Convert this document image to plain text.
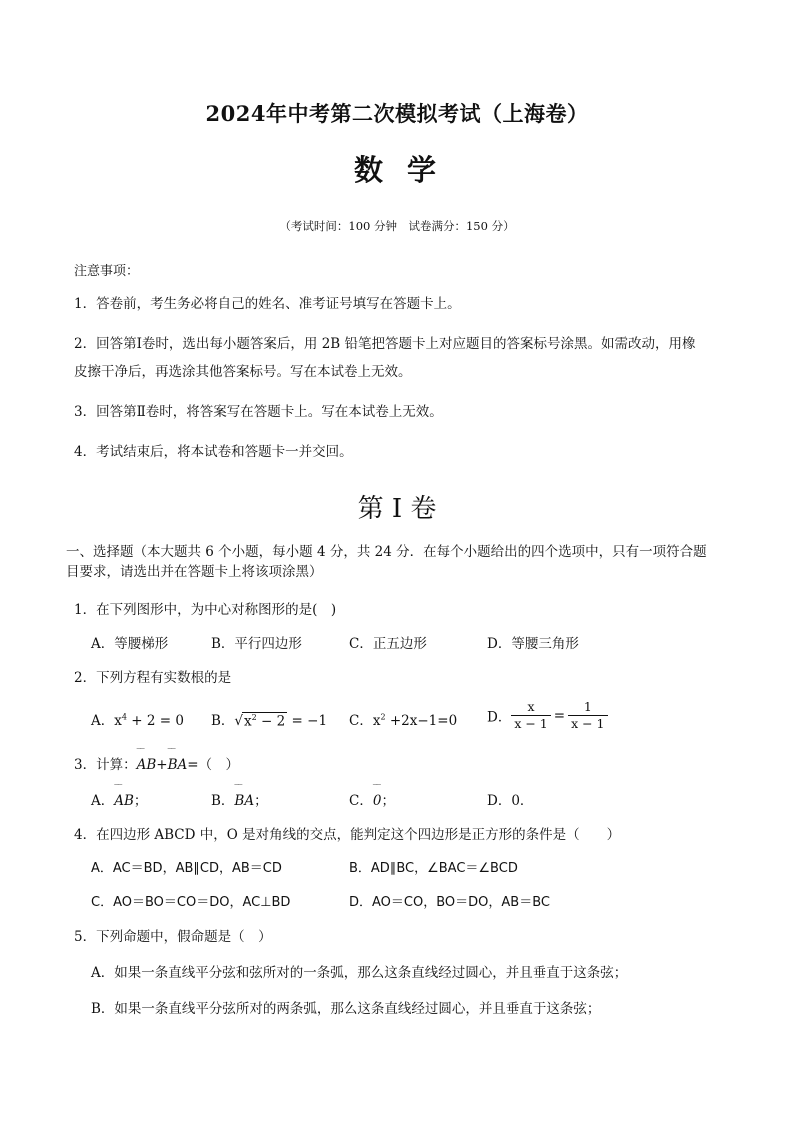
2024年中考第二次模拟考试（上海卷）
数学
（考试时间：100 分钟　试卷满分：150 分）
注意事项：
1．答卷前，考生务必将自己的姓名、准考证号填写在答题卡上。
2．回答第Ⅰ卷时，选出每小题答案后，用 2B 铅笔把答题卡上对应题目的答案标号涂黑。如需改动，用橡
皮擦干净后，再选涂其他答案标号。写在本试卷上无效。
3．回答第Ⅱ卷时，将答案写在答题卡上。写在本试卷上无效。
4．考试结束后，将本试卷和答题卡一并交回。
第 I 卷
一、选择题（本大题共 6 个小题，每小题 4 分，共 24 分．在每个小题给出的四个选项中，只有一项符合题
目要求，请选出并在答题卡上将该项涂黑）
1．在下列图形中，为中心对称图形的是(　)
A．等腰梯形	B．平行四边形	C．正五边形	D．等腰三角形
2．下列方程有实数根的是
A．$x^4 + 2 = 0$ B．$√x^2 - 2 = -1$ C．$x^2 +2x-1=0$ D． $\frac{x}{x - 1} = \frac{1}{x - 1}$
3．计算：‾‾ AB+‾‾ BA=（　）
A．‾‾ AB；	B．‾‾ BA；	C．‾‾ 0；	D．0．
4．在四边形 ABCD 中，O 是对角线的交点，能判定这个四边形是正方形的条件是（　　）
A．AC＝BD，AB∥CD，AB＝CD	B．AD∥BC，∠BAC＝∠BCD
C．AO＝BO＝CO＝DO，AC⊥BD	D．AO＝CO，BO＝DO，AB＝BC
5．下列命题中，假命题是（　）
A．如果一条直线平分弦和弦所对的一条弧，那么这条直线经过圆心，并且垂直于这条弦；
B．如果一条直线平分弦所对的两条弧，那么这条直线经过圆心，并且垂直于这条弦；
